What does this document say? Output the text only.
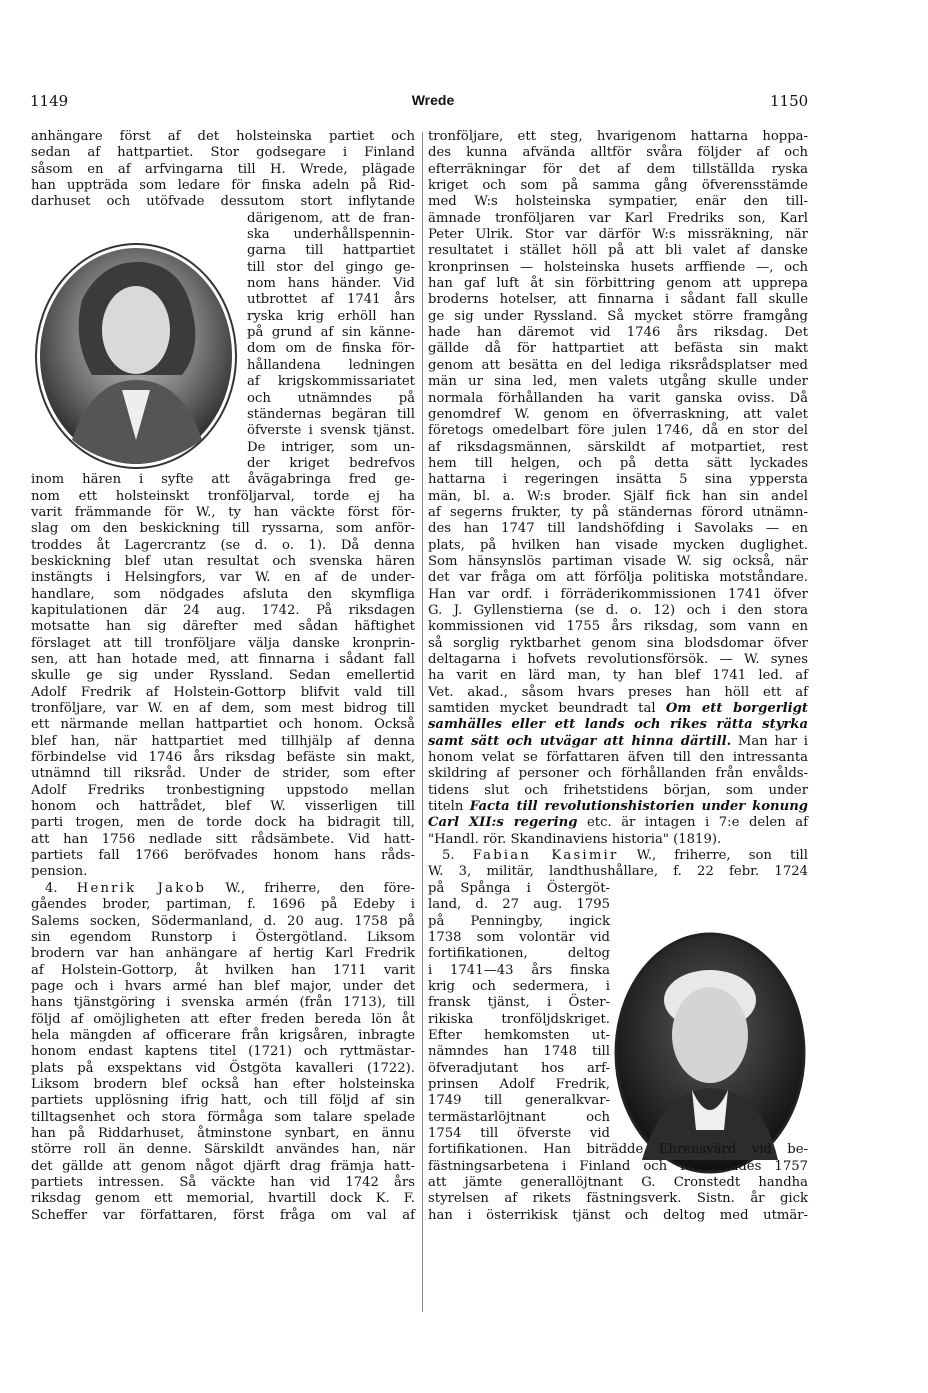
1149	Wrede	1150
anhängare först af det holsteinska partiet och
sedan af hattpartiet. Stor godsegare i Finland
såsom en af arfvingarna till H. Wrede, plägade
han uppträda som ledare för finska adeln på Rid-
darhuset och utöfvade dessutom stort inflytande
därigenom, att de fran-
ska underhållspennin-
garna till hattpartiet
till stor del gingo ge-
nom hans händer. Vid
utbrottet af 1741 års
ryska krig erhöll han
på grund af sin känne-
dom om de finska för-
hållandena ledningen
af krigskommissariatet
och utnämndes på
ständernas begäran till
öfverste i svensk tjänst.
De intriger, som un-
der kriget bedrefvos
inom hären i syfte att åvägabringa fred ge-
nom ett holsteinskt tronföljarval, torde ej ha
varit främmande för W., ty han väckte först för-
slag om den beskickning till ryssarna, som anför-
troddes åt Lagercrantz (se d. o. 1). Då denna
beskickning blef utan resultat och svenska hären
instängts i Helsingfors, var W. en af de under-
handlare, som nödgades afsluta den skymfliga
kapitulationen där 24 aug. 1742. På riksdagen
motsatte han sig därefter med sådan häftighet
förslaget att till tronföljare välja danske kronprin-
sen, att han hotade med, att finnarna i sådant fall
skulle ge sig under Ryssland. Sedan emellertid
Adolf Fredrik af Holstein-Gottorp blifvit vald till
tronföljare, var W. en af dem, som mest bidrog till
ett närmande mellan hattpartiet och honom. Också
blef han, när hattpartiet med tillhjälp af denna
förbindelse vid 1746 års riksdag befäste sin makt,
utnämnd till riksråd. Under de strider, som efter
Adolf Fredriks tronbestigning uppstodo mellan
honom och hattrådet, blef W. visserligen till
parti trogen, men de torde dock ha bidragit till,
att han 1756 nedlade sitt rådsämbete. Vid hatt-
partiets fall 1766 beröfvades honom hans råds-
pension.
4. Henrik Jakob W., friherre, den före-
gåendes broder, partiman, f. 1696 på Edeby i
Salems socken, Södermanland, d. 20 aug. 1758 på
sin egendom Runstorp i Östergötland. Liksom
brodern var han anhängare af hertig Karl Fredrik
af Holstein-Gottorp, åt hvilken han 1711 varit
page och i hvars armé han blef major, under det
hans tjänstgöring i svenska armén (från 1713), till
följd af omöjligheten att efter freden bereda lön åt
hela mängden af officerare från krigsåren, inbragte
honom endast kaptens titel (1721) och ryttmästar-
plats på exspektans vid Östgöta kavalleri (1722).
Liksom brodern blef också han efter holsteinska
partiets upplösning ifrig hatt, och till följd af sin
tilltagsenhet och stora förmåga som talare spelade
han på Riddarhuset, åtminstone synbart, en ännu
större roll än denne. Särskildt användes han, när
det gällde att genom något djärft drag främja hatt-
partiets intressen. Så väckte han vid 1742 års
riksdag genom ett memorial, hvartill dock K. F.
Scheffer var författaren, först fråga om val af
tronföljare, ett steg, hvarigenom hattarna hoppa-
des kunna afvända alltför svåra följder af och
efterräkningar för det af dem tillställda ryska
kriget och som på samma gång öfverensstämde
med W:s holsteinska sympatier, enär den till-
ämnade tronföljaren var Karl Fredriks son, Karl
Peter Ulrik. Stor var därför W:s missräkning, när
resultatet i stället höll på att bli valet af danske
kronprinsen — holsteinska husets arffiende —, och
han gaf luft åt sin förbittring genom att upprepa
broderns hotelser, att finnarna i sådant fall skulle
ge sig under Ryssland. Så mycket större framgång
hade han däremot vid 1746 års riksdag. Det
gällde då för hattpartiet att befästa sin makt
genom att besätta en del lediga riksrådsplatser med
män ur sina led, men valets utgång skulle under
normala förhållanden ha varit ganska oviss. Då
genomdref W. genom en öfverraskning, att valet
företogs omedelbart före julen 1746, då en stor del
af riksdagsmännen, särskildt af motpartiet, rest
hem till helgen, och på detta sätt lyckades
hattarna i regeringen insätta 5 sina yppersta
män, bl. a. W:s broder. Själf fick han sin andel
af segerns frukter, ty på ständernas förord utnämn-
des han 1747 till landshöfding i Savolaks — en
plats, på hvilken han visade mycken duglighet.
Som hänsynslös partiman visade W. sig också, när
det var fråga om att förfölja politiska motståndare.
Han var ordf. i förräderikommissionen 1741 öfver
G. J. Gyllenstierna (se d. o. 12) och i den stora
kommissionen vid 1755 års riksdag, som vann en
så sorglig ryktbarhet genom sina blodsdomar öfver
deltagarna i hofvets revolutionsförsök. — W. synes
ha varit en lärd man, ty han blef 1741 led. af
Vet. akad., såsom hvars preses han höll ett af
samtiden mycket beundradt tal Om ett borgerligt
samhälles eller ett lands och rikes rätta styrka
samt sätt och utvägar att hinna därtill. Man har i
honom velat se författaren äfven till den intressanta
skildring af personer och förhållanden från envålds-
tidens slut och frihetstidens början, som under
titeln Facta till revolutionshistorien under konung
Carl XII:s regering etc. är intagen i 7:e delen af
"Handl. rör. Skandinaviens historia" (1819).
5. Fabian Kasimir W., friherre, son till
W. 3, militär, landthushållare, f. 22 febr. 1724
på Spånga i Östergöt-
land, d. 27 aug. 1795
på Penningby, ingick
1738 som volontär vid
fortifikationen, deltog
i 1741—43 års finska
krig och sedermera, i
fransk tjänst, i Öster-
rikiska tronföljdskriget.
Efter hemkomsten ut-
nämndes han 1748 till
öfveradjutant hos arf-
prinsen Adolf Fredrik,
1749 till generalkvar-
termästarlöjtnant och
1754 till öfverste vid
fortifikationen. Han biträdde Ehrensvärd vid be-
fästningsarbetena i Finland och förordnades 1757
att jämte generallöjtnant G. Cronstedt handha
styrelsen af rikets fästningsverk. Sistn. år gick
han i österrikisk tjänst och deltog med utmär-
